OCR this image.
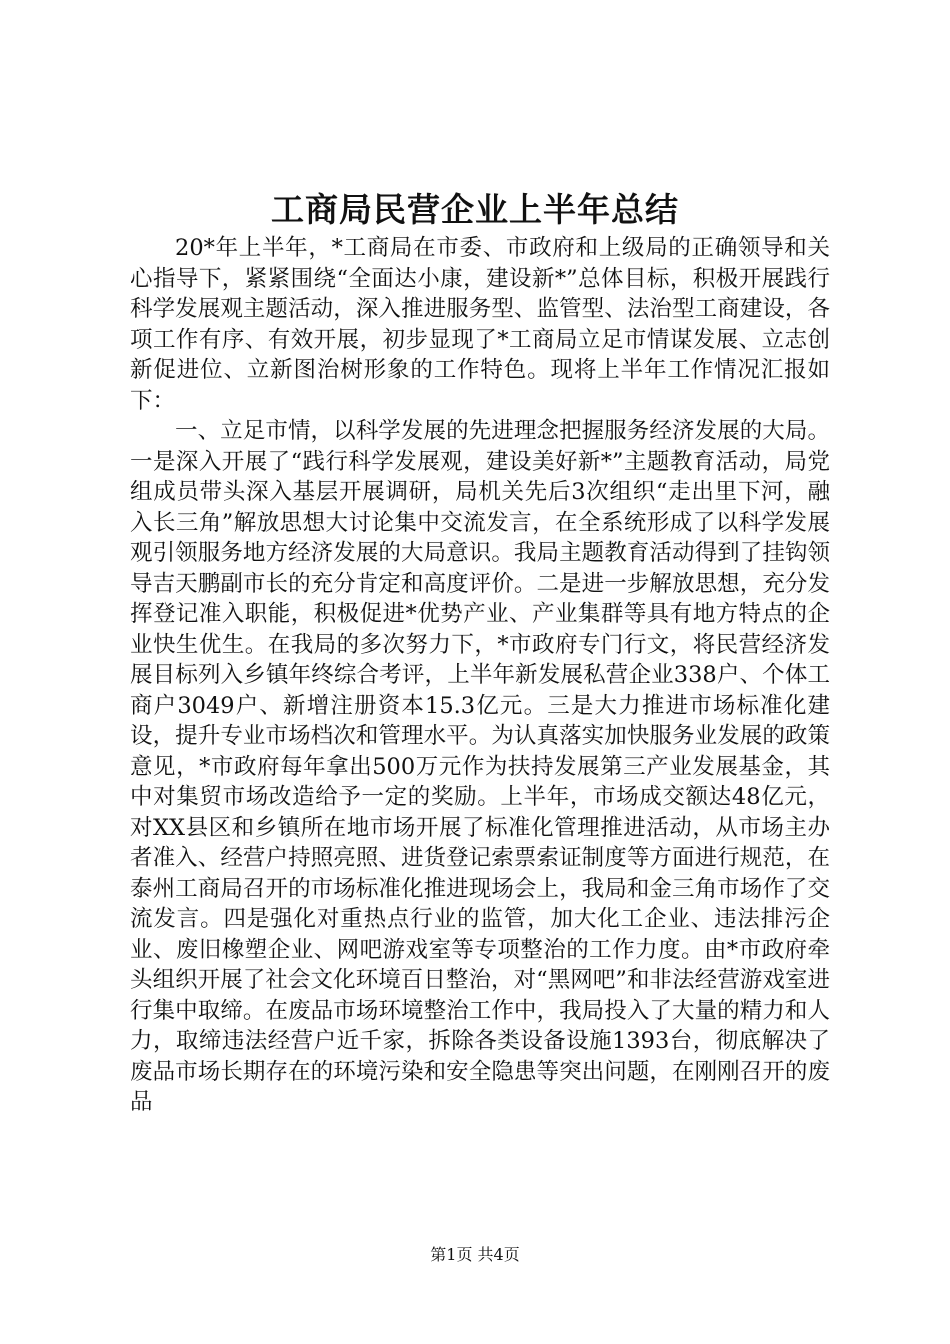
工商局民营企业上半年总结

20*年上半年，*工商局在市委、市政府和上级局的正确领导和关心指导下，紧紧围绕“全面达小康，建设新*”总体目标，积极开展践行科学发展观主题活动，深入推进服务型、监管型、法治型工商建设，各项工作有序、有效开展，初步显现了*工商局立足市情谋发展、立志创新促进位、立新图治树形象的工作特色。现将上半年工作情况汇报如下：

一、立足市情，以科学发展的先进理念把握服务经济发展的大局。一是深入开展了“践行科学发展观，建设美好新*”主题教育活动，局党组成员带头深入基层开展调研，局机关先后3次组织“走出里下河，融入长三角”解放思想大讨论集中交流发言，在全系统形成了以科学发展观引领服务地方经济发展的大局意识。我局主题教育活动得到了挂钩领导吉天鹏副市长的充分肯定和高度评价。二是进一步解放思想，充分发挥登记准入职能，积极促进*优势产业、产业集群等具有地方特点的企业快生优生。在我局的多次努力下，*市政府专门行文，将民营经济发展目标列入乡镇年终综合考评，上半年新发展私营企业338户、个体工商户3049户、新增注册资本15.3亿元。三是大力推进市场标准化建设，提升专业市场档次和管理水平。为认真落实加快服务业发展的政策意见，*市政府每年拿出500万元作为扶持发展第三产业发展基金，其中对集贸市场改造给予一定的奖励。上半年，市场成交额达48亿元，对XX县区和乡镇所在地市场开展了标准化管理推进活动，从市场主办者准入、经营户持照亮照、进货登记索票索证制度等方面进行规范，在泰州工商局召开的市场标准化推进现场会上，我局和金三角市场作了交流发言。四是强化对重热点行业的监管，加大化工企业、违法排污企业、废旧橡塑企业、网吧游戏室等专项整治的工作力度。由*市政府牵头组织开展了社会文化环境百日整治，对“黑网吧”和非法经营游戏室进行集中取缔。在废品市场环境整治工作中，我局投入了大量的精力和人力，取缔违法经营户近千家，拆除各类设备设施1393台，彻底解决了废品市场长期存在的环境污染和安全隐患等突出问题，在刚刚召开的废品

第1页 共4页
